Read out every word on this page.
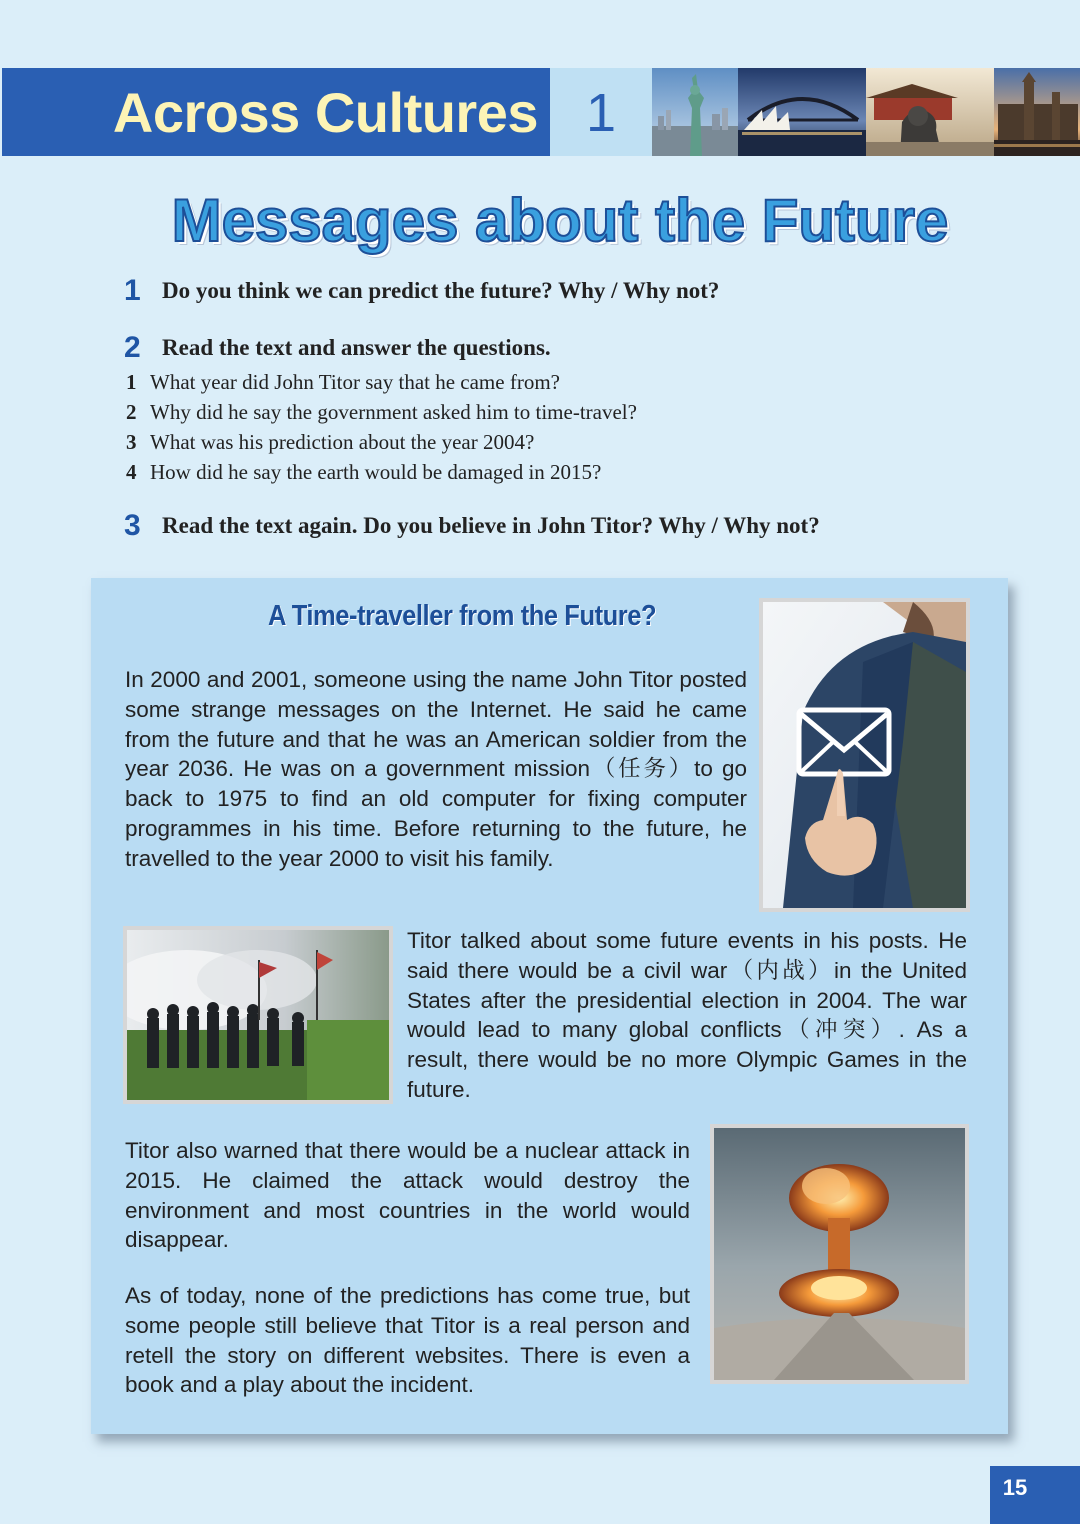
Across Cultures 1
Messages about the Future
1 Do you think we can predict the future? Why / Why not?
2 Read the text and answer the questions.
1 What year did John Titor say that he came from?
2 Why did he say the government asked him to time-travel?
3 What was his prediction about the year 2004?
4 How did he say the earth would be damaged in 2015?
3 Read the text again. Do you believe in John Titor? Why / Why not?
A Time-traveller from the Future?
In 2000 and 2001, someone using the name John Titor posted some strange messages on the Internet. He said he came from the future and that he was an American soldier from the year 2036. He was on a government mission（任务）to go back to 1975 to find an old computer for fixing computer programmes in his time. Before returning to the future, he travelled to the year 2000 to visit his family.
Titor talked about some future events in his posts. He said there would be a civil war（内战）in the United States after the presidential election in 2004. The war would lead to many global conflicts（冲突）. As a result, there would be no more Olympic Games in the future.
Titor also warned that there would be a nuclear attack in 2015. He claimed the attack would destroy the environment and most countries in the world would disappear.
As of today, none of the predictions has come true, but some people still believe that Titor is a real person and retell the story on different websites. There is even a book and a play about the incident.
15
